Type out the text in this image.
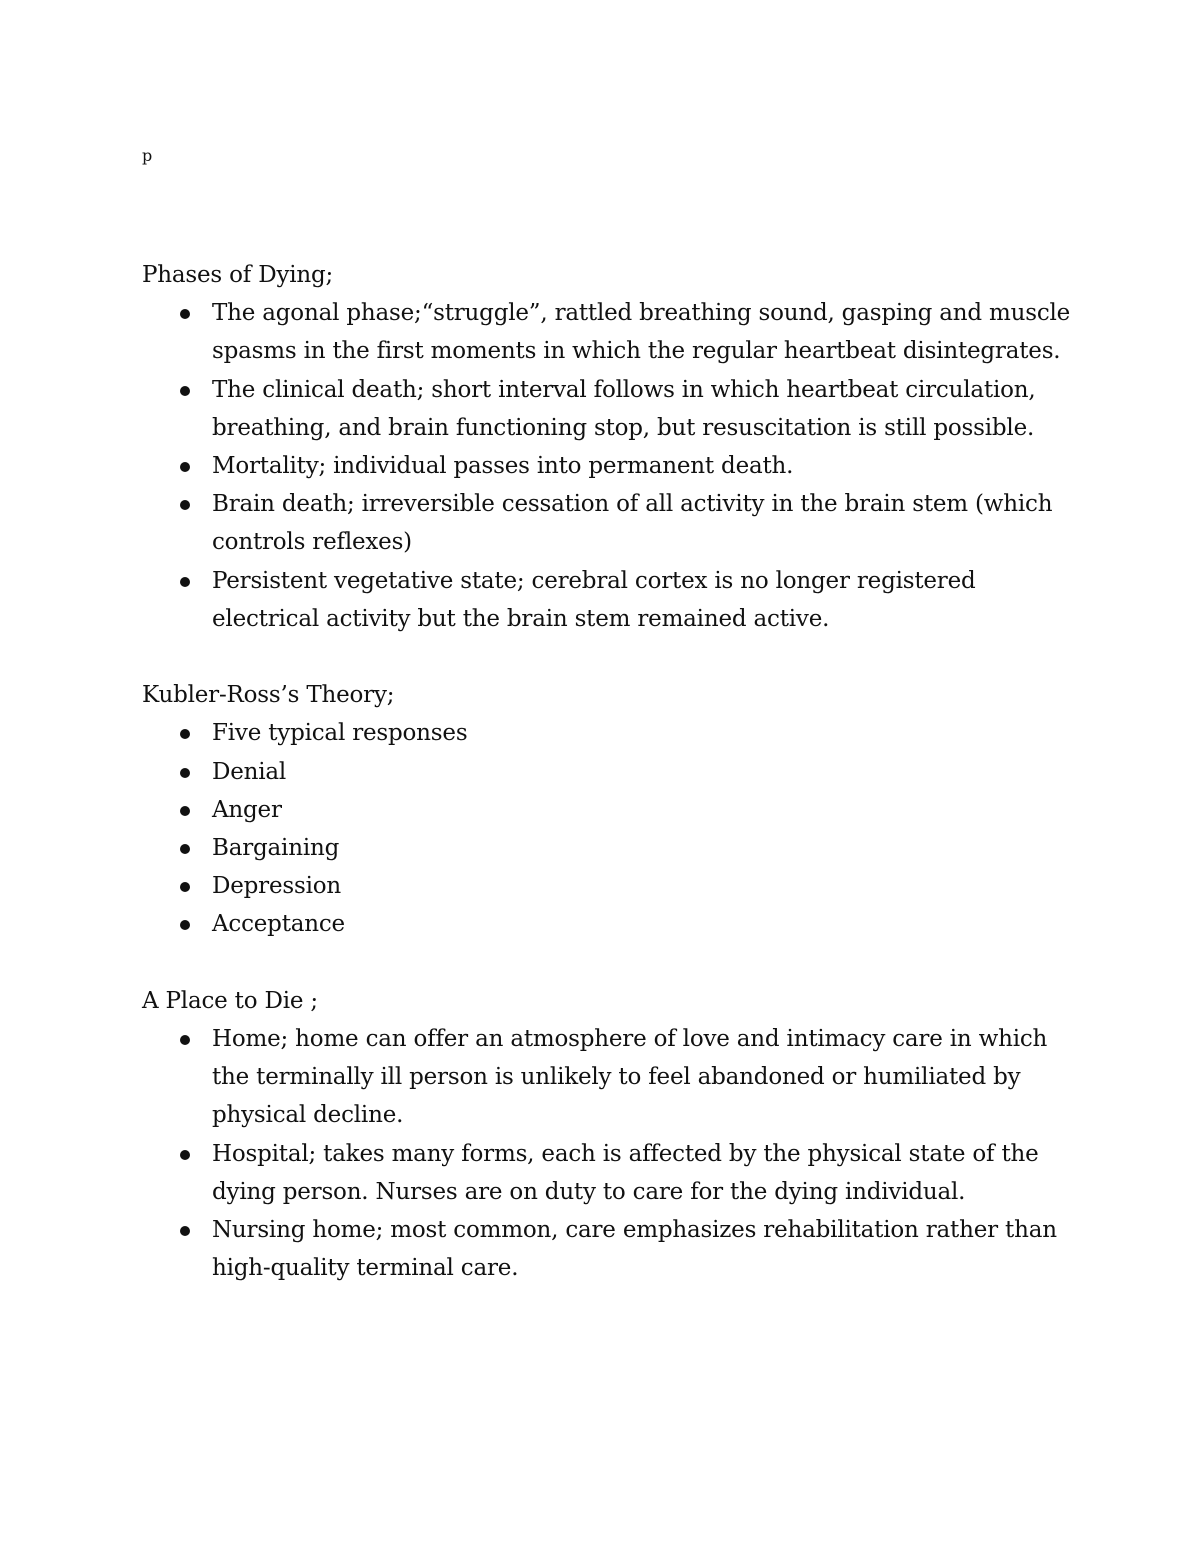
p

Phases of Dying;

The agonal phase;“struggle”, rattled breathing sound, gasping and muscle spasms in the first moments in which the regular heartbeat disintegrates.
The clinical death; short interval follows in which heartbeat circulation, breathing, and brain functioning stop, but resuscitation is still possible.
Mortality; individual passes into permanent death.
Brain death; irreversible cessation of all activity in the brain stem (which controls reflexes)
Persistent vegetative state; cerebral cortex is no longer registered electrical activity but the brain stem remained active.

Kubler-Ross’s Theory;

Five typical responses
Denial
Anger
Bargaining
Depression
Acceptance

A Place to Die ;

Home; home can offer an atmosphere of love and intimacy care in which the terminally ill person is unlikely to feel abandoned or humiliated by physical decline.
Hospital; takes many forms, each is affected by the physical state of the dying person. Nurses are on duty to care for the dying individual.
Nursing home; most common, care emphasizes rehabilitation rather than high-quality terminal care.
